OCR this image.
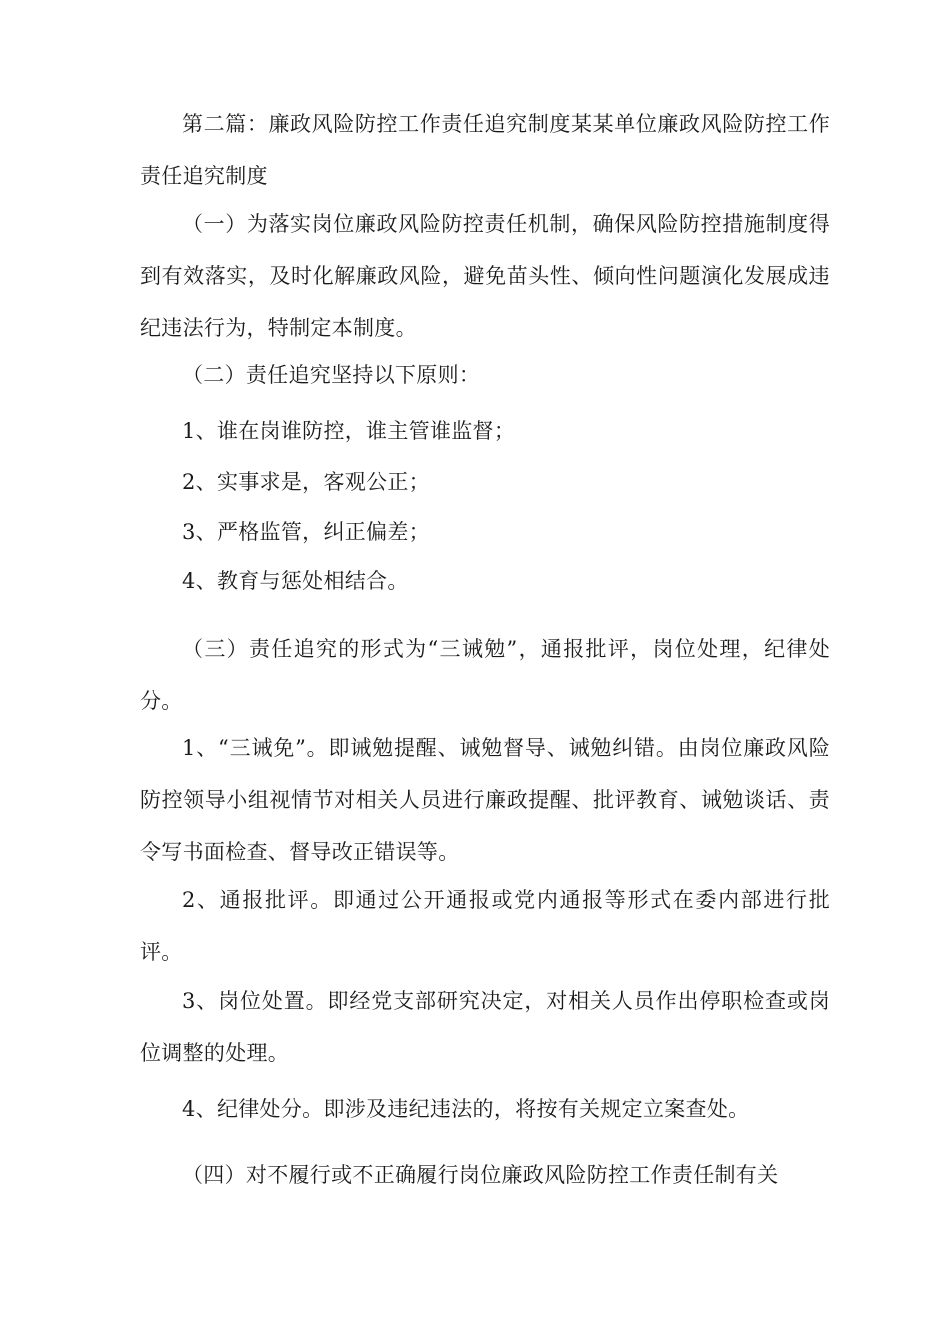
第二篇：廉政风险防控工作责任追究制度某某单位廉政风险防控工作责任追究制度

（一）为落实岗位廉政风险防控责任机制，确保风险防控措施制度得到有效落实，及时化解廉政风险，避免苗头性、倾向性问题演化发展成违纪违法行为，特制定本制度。

（二）责任追究坚持以下原则：

1、谁在岗谁防控，谁主管谁监督；

2、实事求是，客观公正；

3、严格监管，纠正偏差；

4、教育与惩处相结合。

（三）责任追究的形式为“三诫勉”，通报批评，岗位处理，纪律处分。

1、“三诫免”。即诫勉提醒、诫勉督导、诫勉纠错。由岗位廉政风险防控领导小组视情节对相关人员进行廉政提醒、批评教育、诫勉谈话、责令写书面检查、督导改正错误等。

2、通报批评。即通过公开通报或党内通报等形式在委内部进行批评。

3、岗位处置。即经党支部研究决定，对相关人员作出停职检查或岗位调整的处理。

4、纪律处分。即涉及违纪违法的，将按有关规定立案查处。

（四）对不履行或不正确履行岗位廉政风险防控工作责任制有关
